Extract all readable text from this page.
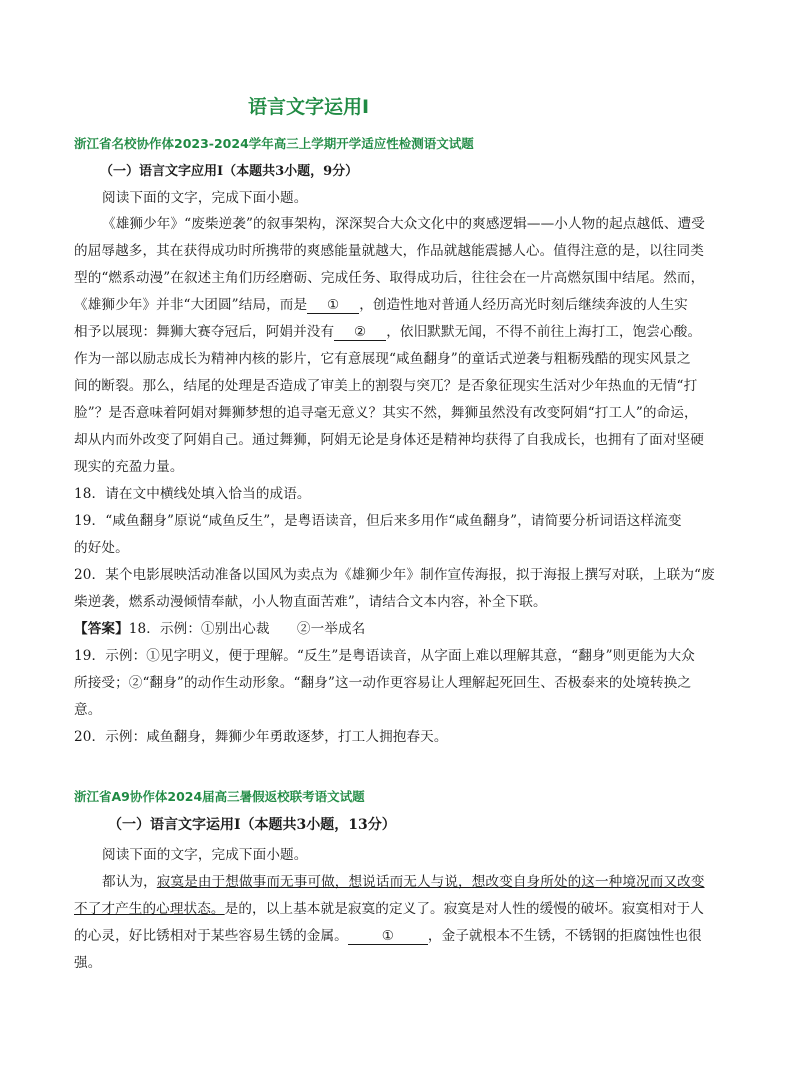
语言文字运用Ⅰ
浙江省名校协作体2023-2024学年高三上学期开学适应性检测语文试题
（一）语言文字应用Ⅰ（本题共3小题，9分）
阅读下面的文字，完成下面小题。
《雄狮少年》“废柴逆袭”的叙事架构，深深契合大众文化中的爽感逻辑——小人物的起点越低、遭受
的屈辱越多，其在获得成功时所携带的爽感能量就越大，作品就越能震撼人心。值得注意的是，以往同类
型的“燃系动漫”在叙述主角们历经磨砺、完成任务、取得成功后，往往会在一片高燃氛围中结尾。然而，
《雄狮少年》并非“大团圆”结局，而是 ① ，创造性地对普通人经历高光时刻后继续奔波的人生实
相予以展现：舞狮大赛夺冠后，阿娟并没有 ② ，依旧默默无闻，不得不前往上海打工，饱尝心酸。
作为一部以励志成长为精神内核的影片，它有意展现“咸鱼翻身”的童话式逆袭与粗粝残酷的现实风景之
间的断裂。那么，结尾的处理是否造成了审美上的割裂与突兀？是否象征现实生活对少年热血的无情“打
脸”？是否意味着阿娟对舞狮梦想的追寻毫无意义？其实不然，舞狮虽然没有改变阿娟“打工人”的命运，
却从内而外改变了阿娟自己。通过舞狮，阿娟无论是身体还是精神均获得了自我成长，也拥有了面对坚硬
现实的充盈力量。
18．请在文中横线处填入恰当的成语。
19．“咸鱼翻身”原说“咸鱼反生”，是粤语读音，但后来多用作“咸鱼翻身”，请简要分析词语这样流变
的好处。
20．某个电影展映活动准备以国风为卖点为《雄狮少年》制作宣传海报，拟于海报上撰写对联，上联为“废
柴逆袭，燃系动漫倾情奉献，小人物直面苦难”，请结合文本内容，补全下联。
【答案】18．示例：①别出心裁　　②一举成名
19．示例：①见字明义，便于理解。“反生”是粤语读音，从字面上难以理解其意，“翻身”则更能为大众
所接受；②“翻身”的动作生动形象。“翻身”这一动作更容易让人理解起死回生、否极泰来的处境转换之
意。
20．示例：咸鱼翻身，舞狮少年勇敢逐梦，打工人拥抱春天。
浙江省A9协作体2024届高三暑假返校联考语文试题
（一）语言文字运用Ⅰ（本题共3小题，13分）
阅读下面的文字，完成下面小题。
都认为，寂寞是由于想做事而无事可做，想说话而无人与说，想改变自身所处的这一种境况而又改变
不了才产生的心理状态。是的，以上基本就是寂寞的定义了。寂寞是对人性的缓慢的破坏。寂寞相对于人
的心灵，好比锈相对于某些容易生锈的金属。 ① ，金子就根本不生锈，不锈钢的拒腐蚀性也很
强。
